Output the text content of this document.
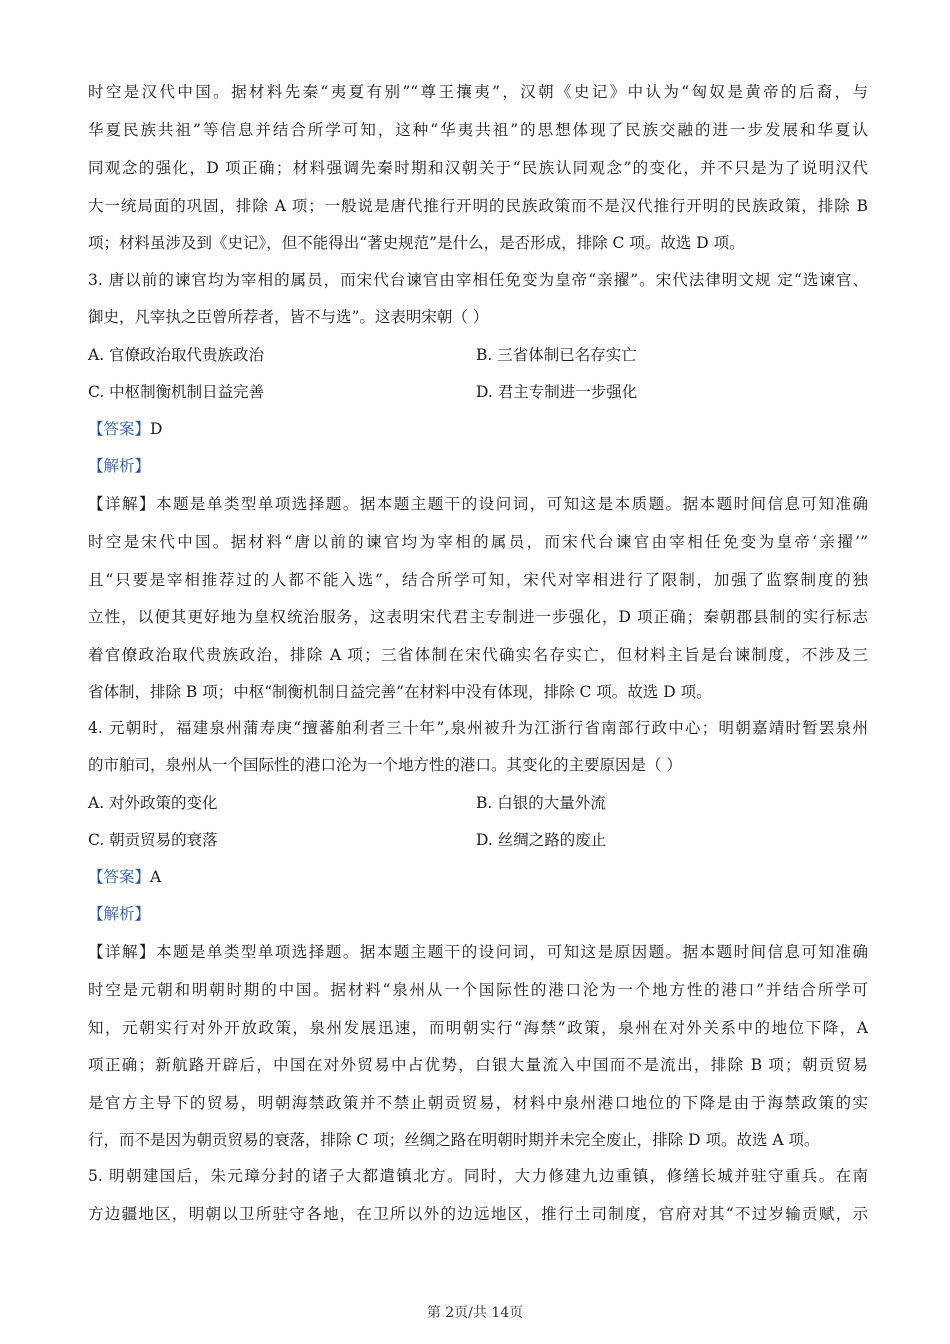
时空是汉代中国。据材料先秦“夷夏有别”“尊王攘夷”，汉朝《史记》中认为“匈奴是黄帝的后裔，与
华夏民族共祖”等信息并结合所学可知，这种“华夷共祖”的思想体现了民族交融的进一步发展和华夏认
同观念的强化，D 项正确；材料强调先秦时期和汉朝关于“民族认同观念”的变化，并不只是为了说明汉代
大一统局面的巩固，排除 A 项；一般说是唐代推行开明的民族政策而不是汉代推行开明的民族政策，排除 B
项；材料虽涉及到《史记》，但不能得出“著史规范”是什么，是否形成，排除 C 项。故选 D 项。
3. 唐以前的谏官均为宰相的属员，而宋代台谏官由宰相任免变为皇帝“亲擢”。宋代法律明文规 定“选谏官、
御史，凡宰执之臣曾所荐者，皆不与选”。这表明宋朝（ ）
A. 官僚政治取代贵族政治	B. 三省体制已名存实亡
C. 中枢制衡机制日益完善	D. 君主专制进一步强化
【答案】D
【解析】
【详解】本题是单类型单项选择题。据本题主题干的设问词，可知这是本质题。据本题时间信息可知准确
时空是宋代中国。据材料“唐以前的谏官均为宰相的属员，而宋代台谏官由宰相任免变为皇帝‘亲擢’”
且“只要是宰相推荐过的人都不能入选”，结合所学可知，宋代对宰相进行了限制，加强了监察制度的独
立性，以便其更好地为皇权统治服务，这表明宋代君主专制进一步强化，D 项正确；秦朝郡县制的实行标志
着官僚政治取代贵族政治，排除 A 项；三省体制在宋代确实名存实亡，但材料主旨是台谏制度，不涉及三
省体制，排除 B 项；中枢“制衡机制日益完善”在材料中没有体现，排除 C 项。故选 D 项。
4. 元朝时，福建泉州蒲寿庚“擅蕃舶利者三十年”,泉州被升为江浙行省南部行政中心；明朝嘉靖时暂罢泉州
的市舶司，泉州从一个国际性的港口沦为一个地方性的港口。其变化的主要原因是（ ）
A. 对外政策的变化	B. 白银的大量外流
C. 朝贡贸易的衰落	D. 丝绸之路的废止
【答案】A
【解析】
【详解】本题是单类型单项选择题。据本题主题干的设问词，可知这是原因题。据本题时间信息可知准确
时空是元朝和明朝时期的中国。据材料“泉州从一个国际性的港口沦为一个地方性的港口”并结合所学可
知，元朝实行对外开放政策，泉州发展迅速，而明朝实行“海禁”政策，泉州在对外关系中的地位下降，A
项正确；新航路开辟后，中国在对外贸易中占优势，白银大量流入中国而不是流出，排除 B 项；朝贡贸易
是官方主导下的贸易，明朝海禁政策并不禁止朝贡贸易，材料中泉州港口地位的下降是由于海禁政策的实
行，而不是因为朝贡贸易的衰落，排除 C 项；丝绸之路在明朝时期并未完全废止，排除 D 项。故选 A 项。
5. 明朝建国后，朱元璋分封的诸子大都遣镇北方。同时，大力修建九边重镇，修缮长城并驻守重兵。在南
方边疆地区，明朝以卫所驻守各地，在卫所以外的边远地区，推行土司制度，官府对其“不过岁输贡赋，示
第 2页/共 14页
